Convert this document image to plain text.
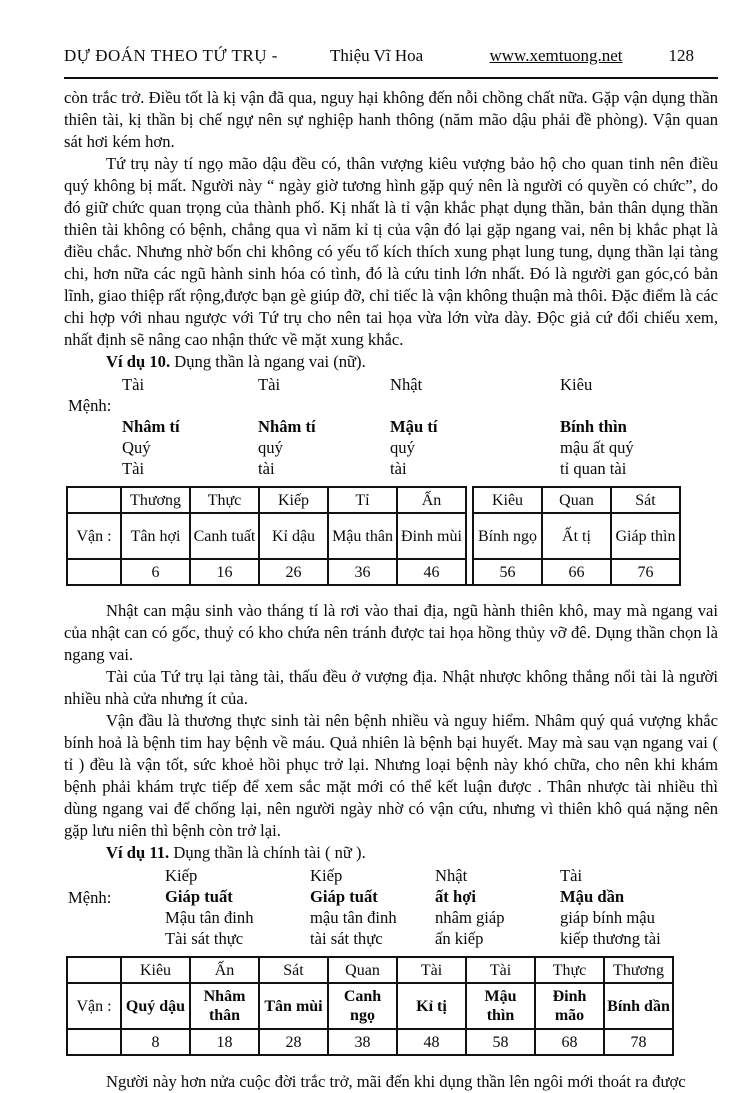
DỰ ĐOÁN THEO TỨ TRỤ -	Thiệu Vĩ Hoa	www.xemtuong.net	128

còn trắc trở. Điều tốt là kị vận đã qua, nguy hại không đến nỗi chồng chất nữa. Gặp vận dụng thần thiên tài, kị thần bị chế ngự nên sự nghiệp hanh thông (năm mão dậu phải đề phòng). Vận quan sát hơi kém hơn.

Tứ trụ này tí ngọ mão dậu đều có, thân vượng kiêu vượng bảo hộ cho quan tinh nên điều quý không bị mất. Người này “ ngày giờ tương hình gặp quý nên là người có quyền có chức”, do đó giữ chức quan trọng của thành phố. Kị nhất là tỉ vận khắc phạt dụng thần, bản thân dụng thần thiên tài không có bệnh, chẳng qua vì năm kỉ tị của vận đó lại gặp ngang vai, nên bị khắc phạt là điều chắc. Nhưng nhờ bốn chi không có yếu tố kích thích xung phạt lung tung, dụng thần lại tàng chi, hơn nữa các ngũ hành sinh hóa có tình, đó là cứu tinh lớn nhất. Đó là người gan góc,có bản lĩnh, giao thiệp rất rộng,được bạn gè giúp đỡ, chỉ tiếc là vận không thuận mà thôi. Đặc điểm là các chi hợp với nhau ngược với Tứ trụ cho nên tai họa vừa lớn vừa dày. Độc giả cứ đối chiếu xem, nhất định sẽ nâng cao nhận thức về mặt xung khắc.

Ví dụ 10. Dụng thần là ngang vai (nữ).

Tài	Tài	Nhật	Kiêu
Mệnh:
Nhâm tí	Nhâm tí	Mậu tí	Bính thìn
Quý	quý	quý	mậu ất quý
Tài	tài	tài	tỉ quan tài
	Thương	Thực	Kiếp	Tỉ	Ấn		Kiêu	Quan	Sát
Vận :	Tân hợi	Canh tuất	Kỉ dậu	Mậu thân	Đinh mùi		Bính ngọ	Ất tị	Giáp thìn
	6	16	26	36	46		56	66	76

Nhật can mậu sinh vào tháng tí là rơi vào thai địa, ngũ hành thiên khô, may mà ngang vai của nhật can có gốc, thuỷ có kho chứa nên tránh được tai họa hồng thủy vỡ đê. Dụng thần chọn là ngang vai.

Tài của Tứ trụ lại tàng tài, thấu đều ở vượng địa. Nhật nhược không thắng nổi tài là người nhiều nhà cửa nhưng ít của.

Vận đầu là thương thực sinh tài nên bệnh nhiều và nguy hiểm. Nhâm quý quá vượng khắc bính hoả là bệnh tim hay bệnh về máu. Quả nhiên là bệnh bại huyết. May mà sau vạn ngang vai ( tỉ ) đều là vận tốt, sức khoẻ hồi phục trở lại. Nhưng loại bệnh này khó chữa, cho nên khi khám bệnh phải khám trực tiếp để xem sắc mặt mới có thể kết luận được . Thân nhược tài nhiều thì dùng ngang vai để chống lại, nên người ngày nhờ có vận cứu, nhưng vì thiên khô quá nặng nên gặp lưu niên thì bệnh còn trở lại.

Ví dụ 11. Dụng thần là chính tài ( nữ ).

Mệnh:
Kiếp	Kiếp	Nhật	Tài
Giáp tuất	Giáp tuất	ất hợi	Mậu dần
Mậu tân đinh	mậu tân đinh	nhâm giáp	giáp bính mậu
Tài sát thực	tài sát thực	ấn kiếp	kiếp thương tài
	Kiêu	Ấn	Sát	Quan	Tài	Tài	Thực	Thương
Vận :	Quý dậu	Nhâm thân	Tân mùi	Canh ngọ	Kỉ tị	Mậu thìn	Đinh mão	Bính dần
	8	18	28	38	48	58	68	78

Người này hơn nửa cuộc đời trắc trở, mãi đến khi dụng thần lên ngôi mới thoát ra được
